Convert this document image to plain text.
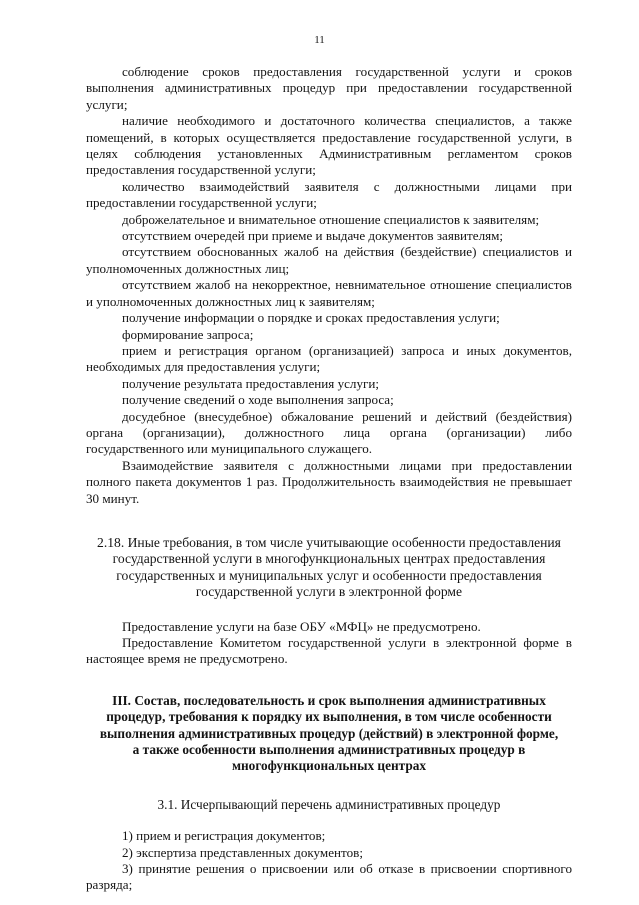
11

соблюдение сроков предоставления государственной услуги и сроков выполнения административных процедур при предоставлении государственной услуги;

наличие необходимого и достаточного количества специалистов, а также помещений, в которых осуществляется предоставление государственной услуги, в целях соблюдения установленных Административным регламентом сроков предоставления государственной услуги;

количество взаимодействий заявителя с должностными лицами при предоставлении государственной услуги;

доброжелательное и внимательное отношение специалистов к заявителям;

отсутствием очередей при приеме и выдаче документов заявителям;

отсутствием обоснованных жалоб на действия (бездействие) специалистов и уполномоченных должностных лиц;

отсутствием жалоб на некорректное, невнимательное отношение специалистов и уполномоченных должностных лиц к заявителям;

получение информации о порядке и сроках предоставления услуги;

формирование запроса;

прием и регистрация органом (организацией) запроса и иных документов, необходимых для предоставления услуги;

получение результата предоставления услуги;

получение сведений о ходе выполнения запроса;

досудебное (внесудебное) обжалование решений и действий (бездействия) органа (организации), должностного лица органа (организации) либо государственного или муниципального служащего.

Взаимодействие заявителя с должностными лицами при предоставлении полного пакета документов 1 раз. Продолжительность взаимодействия не превышает 30 минут.

2.18. Иные требования, в том числе учитывающие особенности предоставления
государственной услуги в многофункциональных центрах предоставления
государственных и муниципальных услуг и особенности предоставления
государственной услуги в электронной форме

Предоставление услуги на базе ОБУ «МФЦ» не предусмотрено.

Предоставление Комитетом государственной услуги в электронной форме в настоящее время не предусмотрено.

III. Состав, последовательность и срок выполнения административных
процедур, требования к порядку их выполнения, в том числе особенности
выполнения административных процедур (действий) в электронной форме,
а также особенности выполнения административных процедур в
многофункциональных центрах
3.1. Исчерпывающий перечень административных процедур

1) прием и регистрация документов;

2) экспертиза представленных документов;

3) принятие решения о присвоении или об отказе в присвоении спортивного разряда;
